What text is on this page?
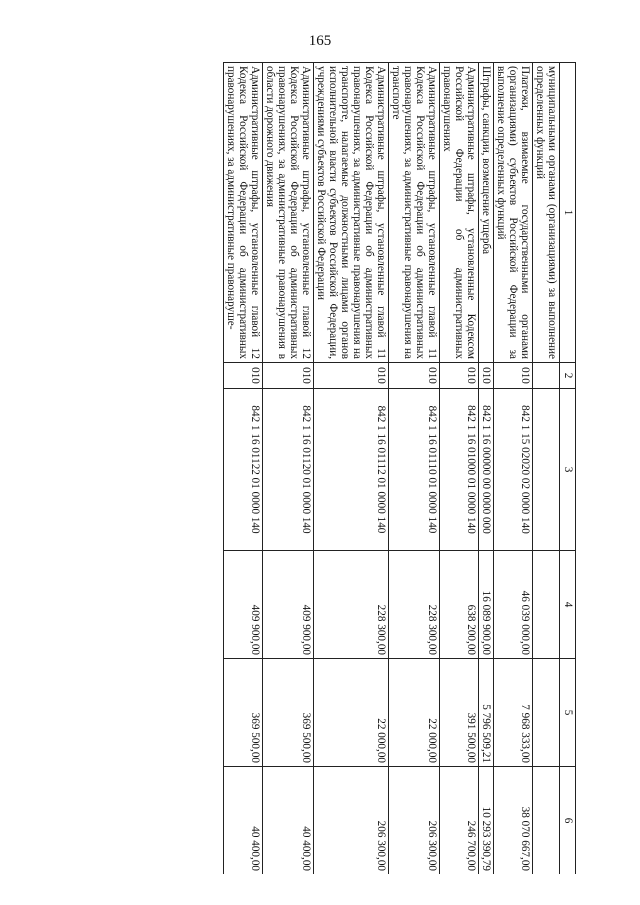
165
1	2	3	4	5	6
муниципальными органами (организациями) за выполнение определенных функций					
Платежи, взимаемые государственными органами (организациями) субъектов Российской Федерации за выполнение определенных функций	010	842 1 15 02020 02 0000 140	46 039 000,00	7 968 333,00	38 070 667,00
Штрафы, санкции, возмещение ущерба	010	842 1 16 00000 00 0000 000	16 089 900,00	5 796 509,21	10 293 390,79
Административные штрафы, установленные Кодексом Российской Федерации об административных правонарушениях	010	842 1 16 01000 01 0000 140	638 200,00	391 500,00	246 700,00
Административные штрафы, установленные главой 11 Кодекса Российской Федерации об административных правонарушениях, за административные правонарушения на транспорте	010	842 1 16 01110 01 0000 140	228 300,00	22 000,00	206 300,00
Административные штрафы, установленные главой 11 Кодекса Российской Федерации об административных правонарушениях, за административные правонарушения на транспорте, налагаемые должностными лицами органов исполнительной власти субъектов Российской Федерации, учреждениями субъектов Российской Федерации	010	842 1 16 01112 01 0000 140	228 300,00	22 000,00	206 300,00
Административные штрафы, установленные главой 12 Кодекса Российской Федерации об административных правонарушениях, за административные правонарушения в области дорожного движения	010	842 1 16 01120 01 0000 140	409 900,00	369 500,00	40 400,00
Административные штрафы, установленные главой 12 Кодекса Российской Федерации об административных правонарушениях, за административные правонаруше-	010	842 1 16 01122 01 0000 140	409 900,00	369 500,00	40 400,00
